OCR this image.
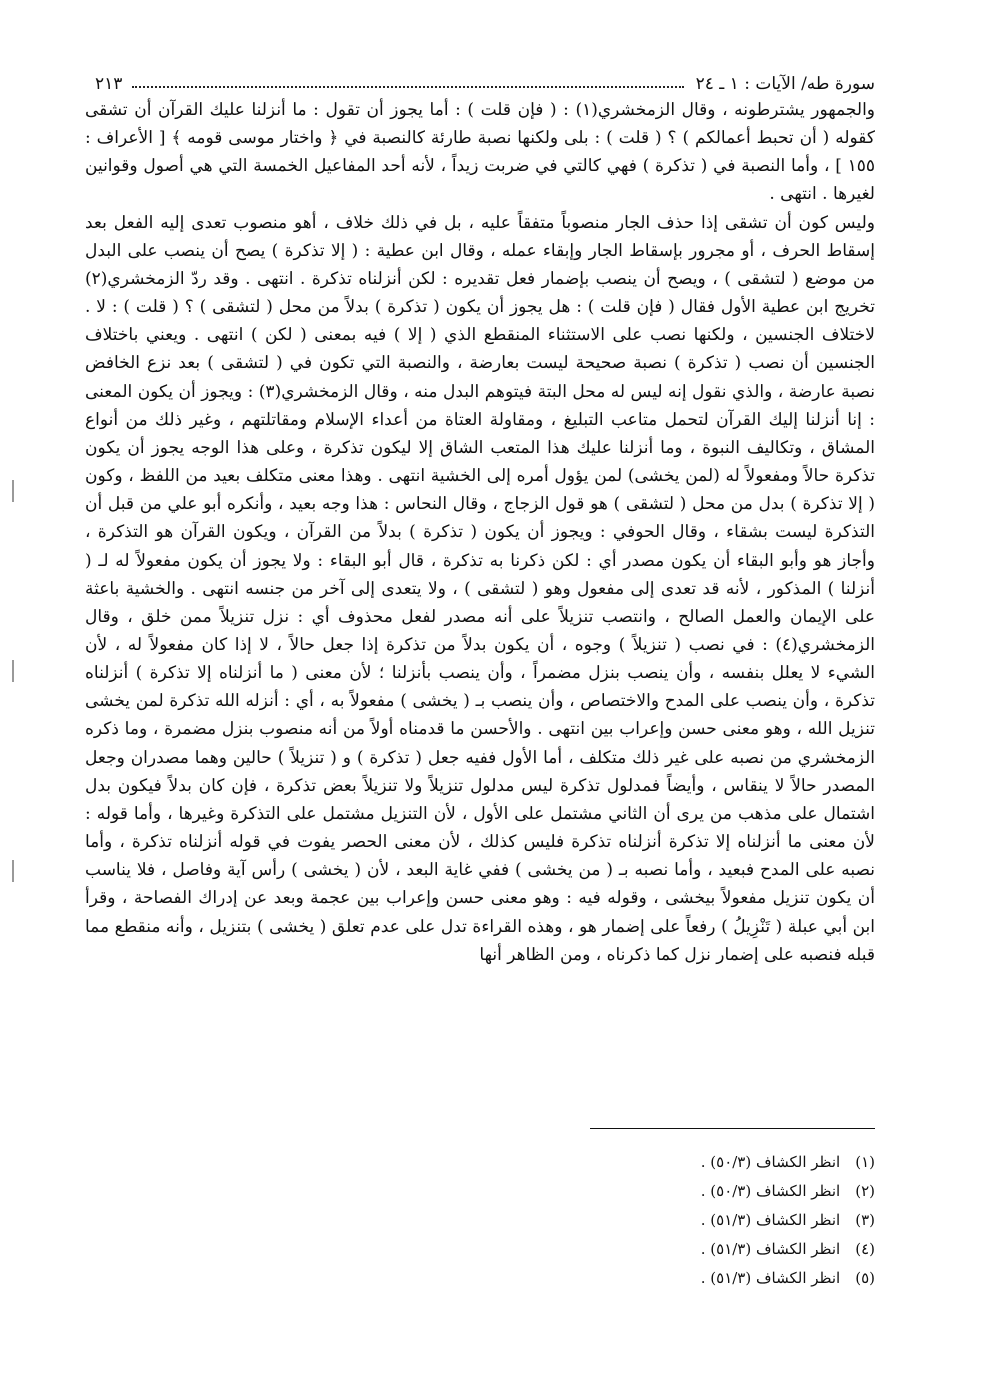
سورة طه/ الآيات : ١ ـ ٢٤
٢١٣

والجمهور يشترطونه ، وقال الزمخشري(١) : ( فإن قلت ) : أما يجوز أن تقول : ما أنزلنا عليك القرآن أن تشقى كقوله ( أن تحبط أعمالكم ) ؟ ( قلت ) : بلى ولكنها نصبة طارئة كالنصبة في ﴿ واختار موسى قومه ﴾ [ الأعراف : ١٥٥ ] ، وأما النصبة في ( تذكرة ) فهي كالتي في ضربت زيداً ، لأنه أحد المفاعيل الخمسة التي هي أصول وقوانين لغيرها . انتهى .

وليس كون أن تشقى إذا حذف الجار منصوباً متفقاً عليه ، بل في ذلك خلاف ، أهو منصوب تعدى إليه الفعل بعد إسقاط الحرف ، أو مجرور بإسقاط الجار وإبقاء عمله ، وقال ابن عطية : ( إلا تذكرة ) يصح أن ينصب على البدل من موضع ( لتشقى ) ، ويصح أن ينصب بإضمار فعل تقديره : لكن أنزلناه تذكرة . انتهى . وقد ردّ الزمخشري(٢) تخريج ابن عطية الأول فقال ( فإن قلت ) : هل يجوز أن يكون ( تذكرة ) بدلاً من محل ( لتشقى ) ؟ ( قلت ) : لا . لاختلاف الجنسين ، ولكنها نصب على الاستثناء المنقطع الذي ( إلا ) فيه بمعنى ( لكن ) انتهى . ويعني باختلاف الجنسين أن نصب ( تذكرة ) نصبة صحيحة ليست بعارضة ، والنصبة التي تكون في ( لتشقى ) بعد نزع الخافض نصبة عارضة ، والذي نقول إنه ليس له محل البتة فيتوهم البدل منه ، وقال الزمخشري(٣) : ويجوز أن يكون المعنى : إنا أنزلنا إليك القرآن لتحمل متاعب التبليغ ، ومقاولة العتاة من أعداء الإسلام ومقاتلتهم ، وغير ذلك من أنواع المشاق ، وتكاليف النبوة ، وما أنزلنا عليك هذا المتعب الشاق إلا ليكون تذكرة ، وعلى هذا الوجه يجوز أن يكون تذكرة حالاً ومفعولاً له (لمن يخشى) لمن يؤول أمره إلى الخشية انتهى . وهذا معنى متكلف بعيد من اللفظ ، وكون ( إلا تذكرة ) بدل من محل ( لتشقى ) هو قول الزجاج ، وقال النحاس : هذا وجه بعيد ، وأنكره أبو علي من قبل أن التذكرة ليست بشقاء ، وقال الحوفي : ويجوز أن يكون ( تذكرة ) بدلاً من القرآن ، ويكون القرآن هو التذكرة ، وأجاز هو وأبو البقاء أن يكون مصدر أي : لكن ذكرنا به تذكرة ، قال أبو البقاء : ولا يجوز أن يكون مفعولاً له لـ ( أنزلنا ) المذكور ، لأنه قد تعدى إلى مفعول وهو ( لتشقى ) ، ولا يتعدى إلى آخر من جنسه انتهى . والخشية باعثة على الإيمان والعمل الصالح ، وانتصب تنزيلاً على أنه مصدر لفعل محذوف أي : نزل تنزيلاً ممن خلق ، وقال الزمخشري(٤) : في نصب ( تنزيلاً ) وجوه ، أن يكون بدلاً من تذكرة إذا جعل حالاً ، لا إذا كان مفعولاً له ، لأن الشيء لا يعلل بنفسه ، وأن ينصب بنزل مضمراً ، وأن ينصب بأنزلنا ؛ لأن معنى ( ما أنزلناه إلا تذكرة ) أنزلناه تذكرة ، وأن ينصب على المدح والاختصاص ، وأن ينصب بـ ( يخشى ) مفعولاً به ، أي : أنزله الله تذكرة لمن يخشى تنزيل الله ، وهو معنى حسن وإعراب بين انتهى . والأحسن ما قدمناه أولاً من أنه منصوب بنزل مضمرة ، وما ذكره الزمخشري من نصبه على غير ذلك متكلف ، أما الأول ففيه جعل ( تذكرة ) و ( تنزيلاً ) حالين وهما مصدران وجعل المصدر حالاً لا ينقاس ، وأيضاً فمدلول تذكرة ليس مدلول تنزيلاً ولا تنزيلاً بعض تذكرة ، فإن كان بدلاً فيكون بدل اشتمال على مذهب من يرى أن الثاني مشتمل على الأول ، لأن التنزيل مشتمل على التذكرة وغيرها ، وأما قوله : لأن معنى ما أنزلناه إلا تذكرة أنزلناه تذكرة فليس كذلك ، لأن معنى الحصر يفوت في قوله أنزلناه تذكرة ، وأما نصبه على المدح فبعيد ، وأما نصبه بـ ( من يخشى ) ففي غاية البعد ، لأن ( يخشى ) رأس آية وفاصل ، فلا يناسب أن يكون تنزيل مفعولاً بيخشى ، وقوله فيه : وهو معنى حسن وإعراب بين عجمة وبعد عن إدراك الفصاحة ، وقرأ ابن أبي عبلة ( تَنْزِيلُ ) رفعاً على إضمار هو ، وهذه القراءة تدل على عدم تعلق ( يخشى ) بتنزيل ، وأنه منقطع مما قبله فنصبه على إضمار نزل كما ذكرناه ، ومن الظاهر أنها

(١) انظر الكشاف (٥٠/٣) .
(٢) انظر الكشاف (٥٠/٣) .
(٣) انظر الكشاف (٥١/٣) .
(٤) انظر الكشاف (٥١/٣) .
(٥) انظر الكشاف (٥١/٣) .
